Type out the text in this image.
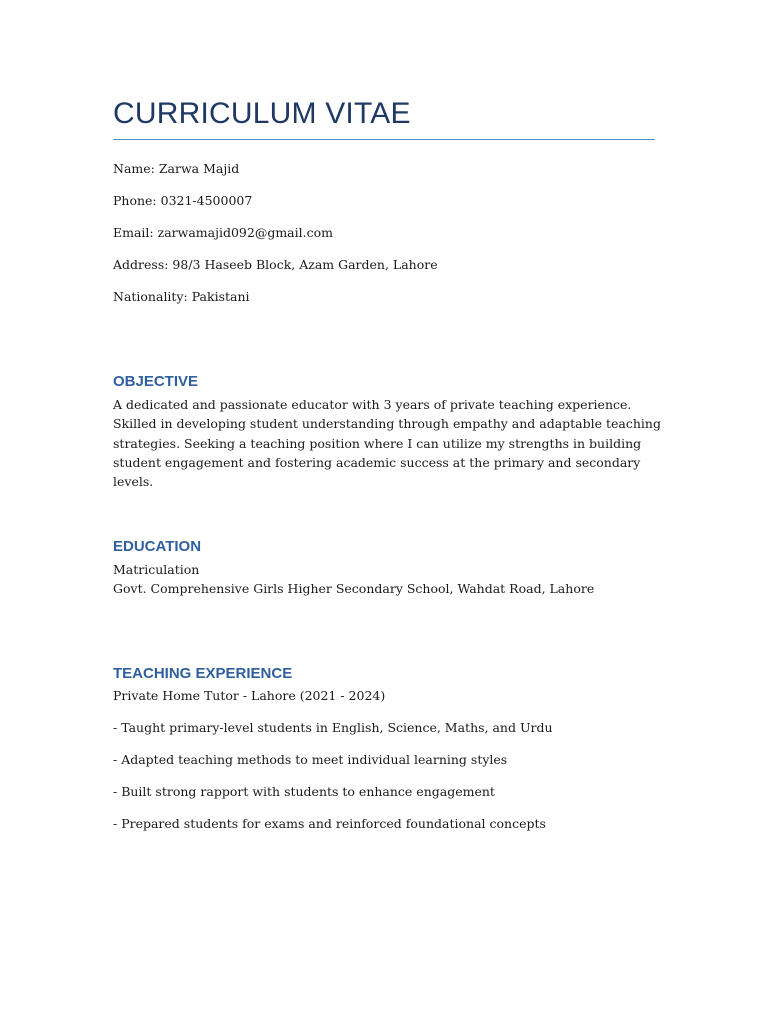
CURRICULUM VITAE

Name: Zarwa Majid

Phone: 0321-4500007

Email: zarwamajid092@gmail.com

Address: 98/3 Haseeb Block, Azam Garden, Lahore

Nationality: Pakistani

OBJECTIVE

A dedicated and passionate educator with 3 years of private teaching experience. Skilled in developing student understanding through empathy and adaptable teaching strategies. Seeking a teaching position where I can utilize my strengths in building student engagement and fostering academic success at the primary and secondary levels.

EDUCATION

Matriculation

Govt. Comprehensive Girls Higher Secondary School, Wahdat Road, Lahore

TEACHING EXPERIENCE

Private Home Tutor - Lahore (2021 - 2024)

- Taught primary-level students in English, Science, Maths, and Urdu

- Adapted teaching methods to meet individual learning styles

- Built strong rapport with students to enhance engagement

- Prepared students for exams and reinforced foundational concepts
